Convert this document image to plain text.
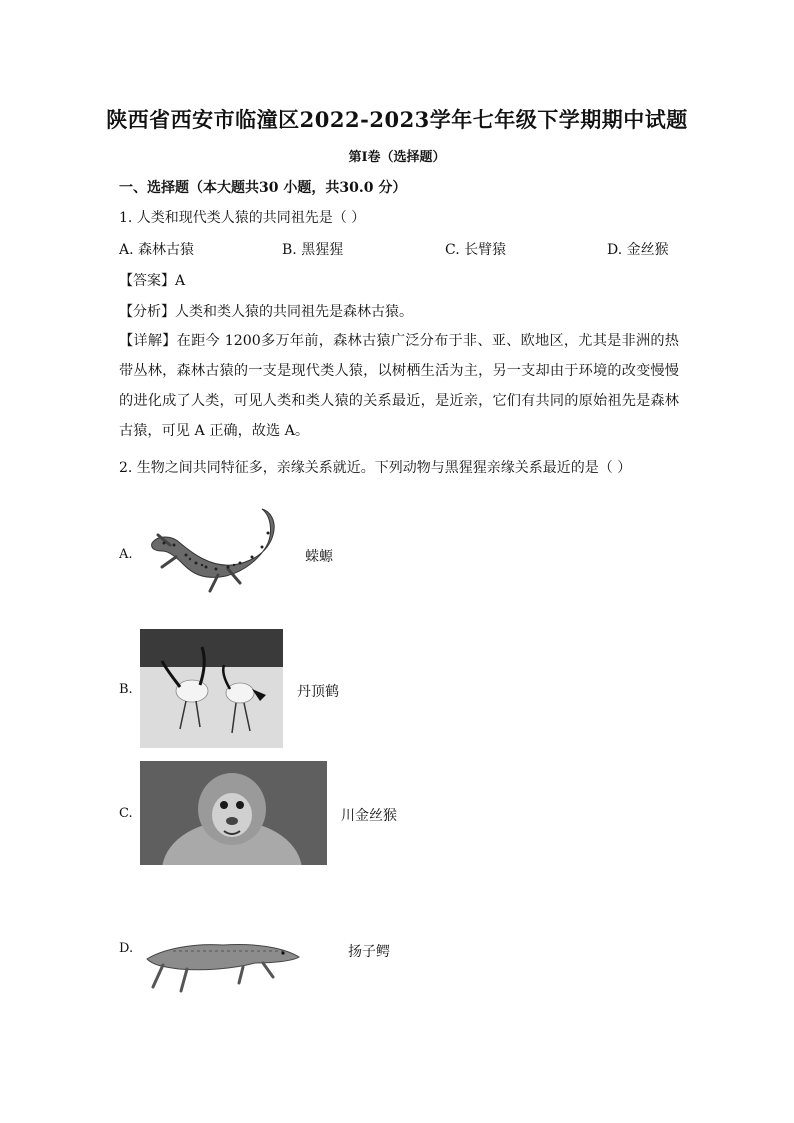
陕西省西安市临潼区2022-2023学年七年级下学期期中试题
第Ⅰ卷（选择题）
一、选择题（本大题共30 小题，共30.0 分）
1. 人类和现代类人猿的共同祖先是（ ）
A. 森林古猿	B. 黑猩猩	C. 长臂猿	D. 金丝猴
【答案】A
【分析】人类和类人猿的共同祖先是森林古猿。
【详解】在距今 1200多万年前，森林古猿广泛分布于非、亚、欧地区，尤其是非洲的热带丛林，森林古猿的一支是现代类人猿，以树栖生活为主，另一支却由于环境的改变慢慢的进化成了人类，可见人类和类人猿的关系最近，是近亲，它们有共同的原始祖先是森林古猿，可见 A 正确，故选 A。
2. 生物之间共同特征多，亲缘关系就近。下列动物与黑猩猩亲缘关系最近的是（ ）
A.	蝾螈
B.	丹顶鹤
C.	川金丝猴
D.	扬子鳄
